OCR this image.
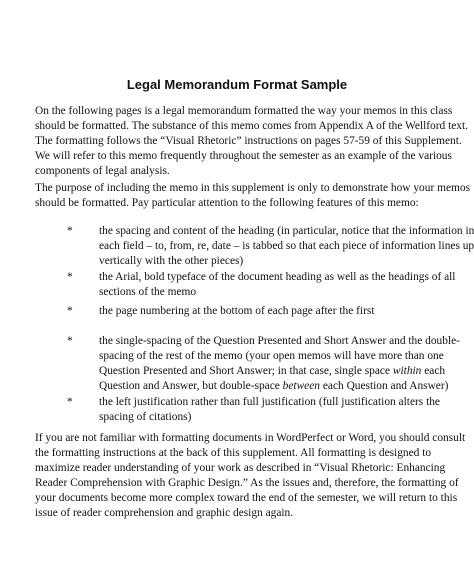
Legal Memorandum Format Sample
On the following pages is a legal memorandum formatted the way your memos in this class
should be formatted. The substance of this memo comes from Appendix A of the Wellford text.
The formatting follows the “Visual Rhetoric” instructions on pages 57-59 of this Supplement.
We will refer to this memo frequently throughout the semester as an example of the various
components of legal analysis.
The purpose of including the memo in this supplement is only to demonstrate how your memos
should be formatted. Pay particular attention to the following features of this memo:
* the spacing and content of the heading (in particular, notice that the information in
each field – to, from, re, date – is tabbed so that each piece of information lines up
vertically with the other pieces)
* the Arial, bold typeface of the document heading as well as the headings of all
sections of the memo
* the page numbering at the bottom of each page after the first
* the single-spacing of the Question Presented and Short Answer and the double-
spacing of the rest of the memo (your open memos will have more than one
Question Presented and Short Answer; in that case, single space within each
Question and Answer, but double-space between each Question and Answer)
* the left justification rather than full justification (full justification alters the
spacing of citations)
If you are not familiar with formatting documents in WordPerfect or Word, you should consult
the formatting instructions at the back of this supplement. All formatting is designed to
maximize reader understanding of your work as described in “Visual Rhetoric: Enhancing
Reader Comprehension with Graphic Design.” As the issues and, therefore, the formatting of
your documents become more complex toward the end of the semester, we will return to this
issue of reader comprehension and graphic design again.
